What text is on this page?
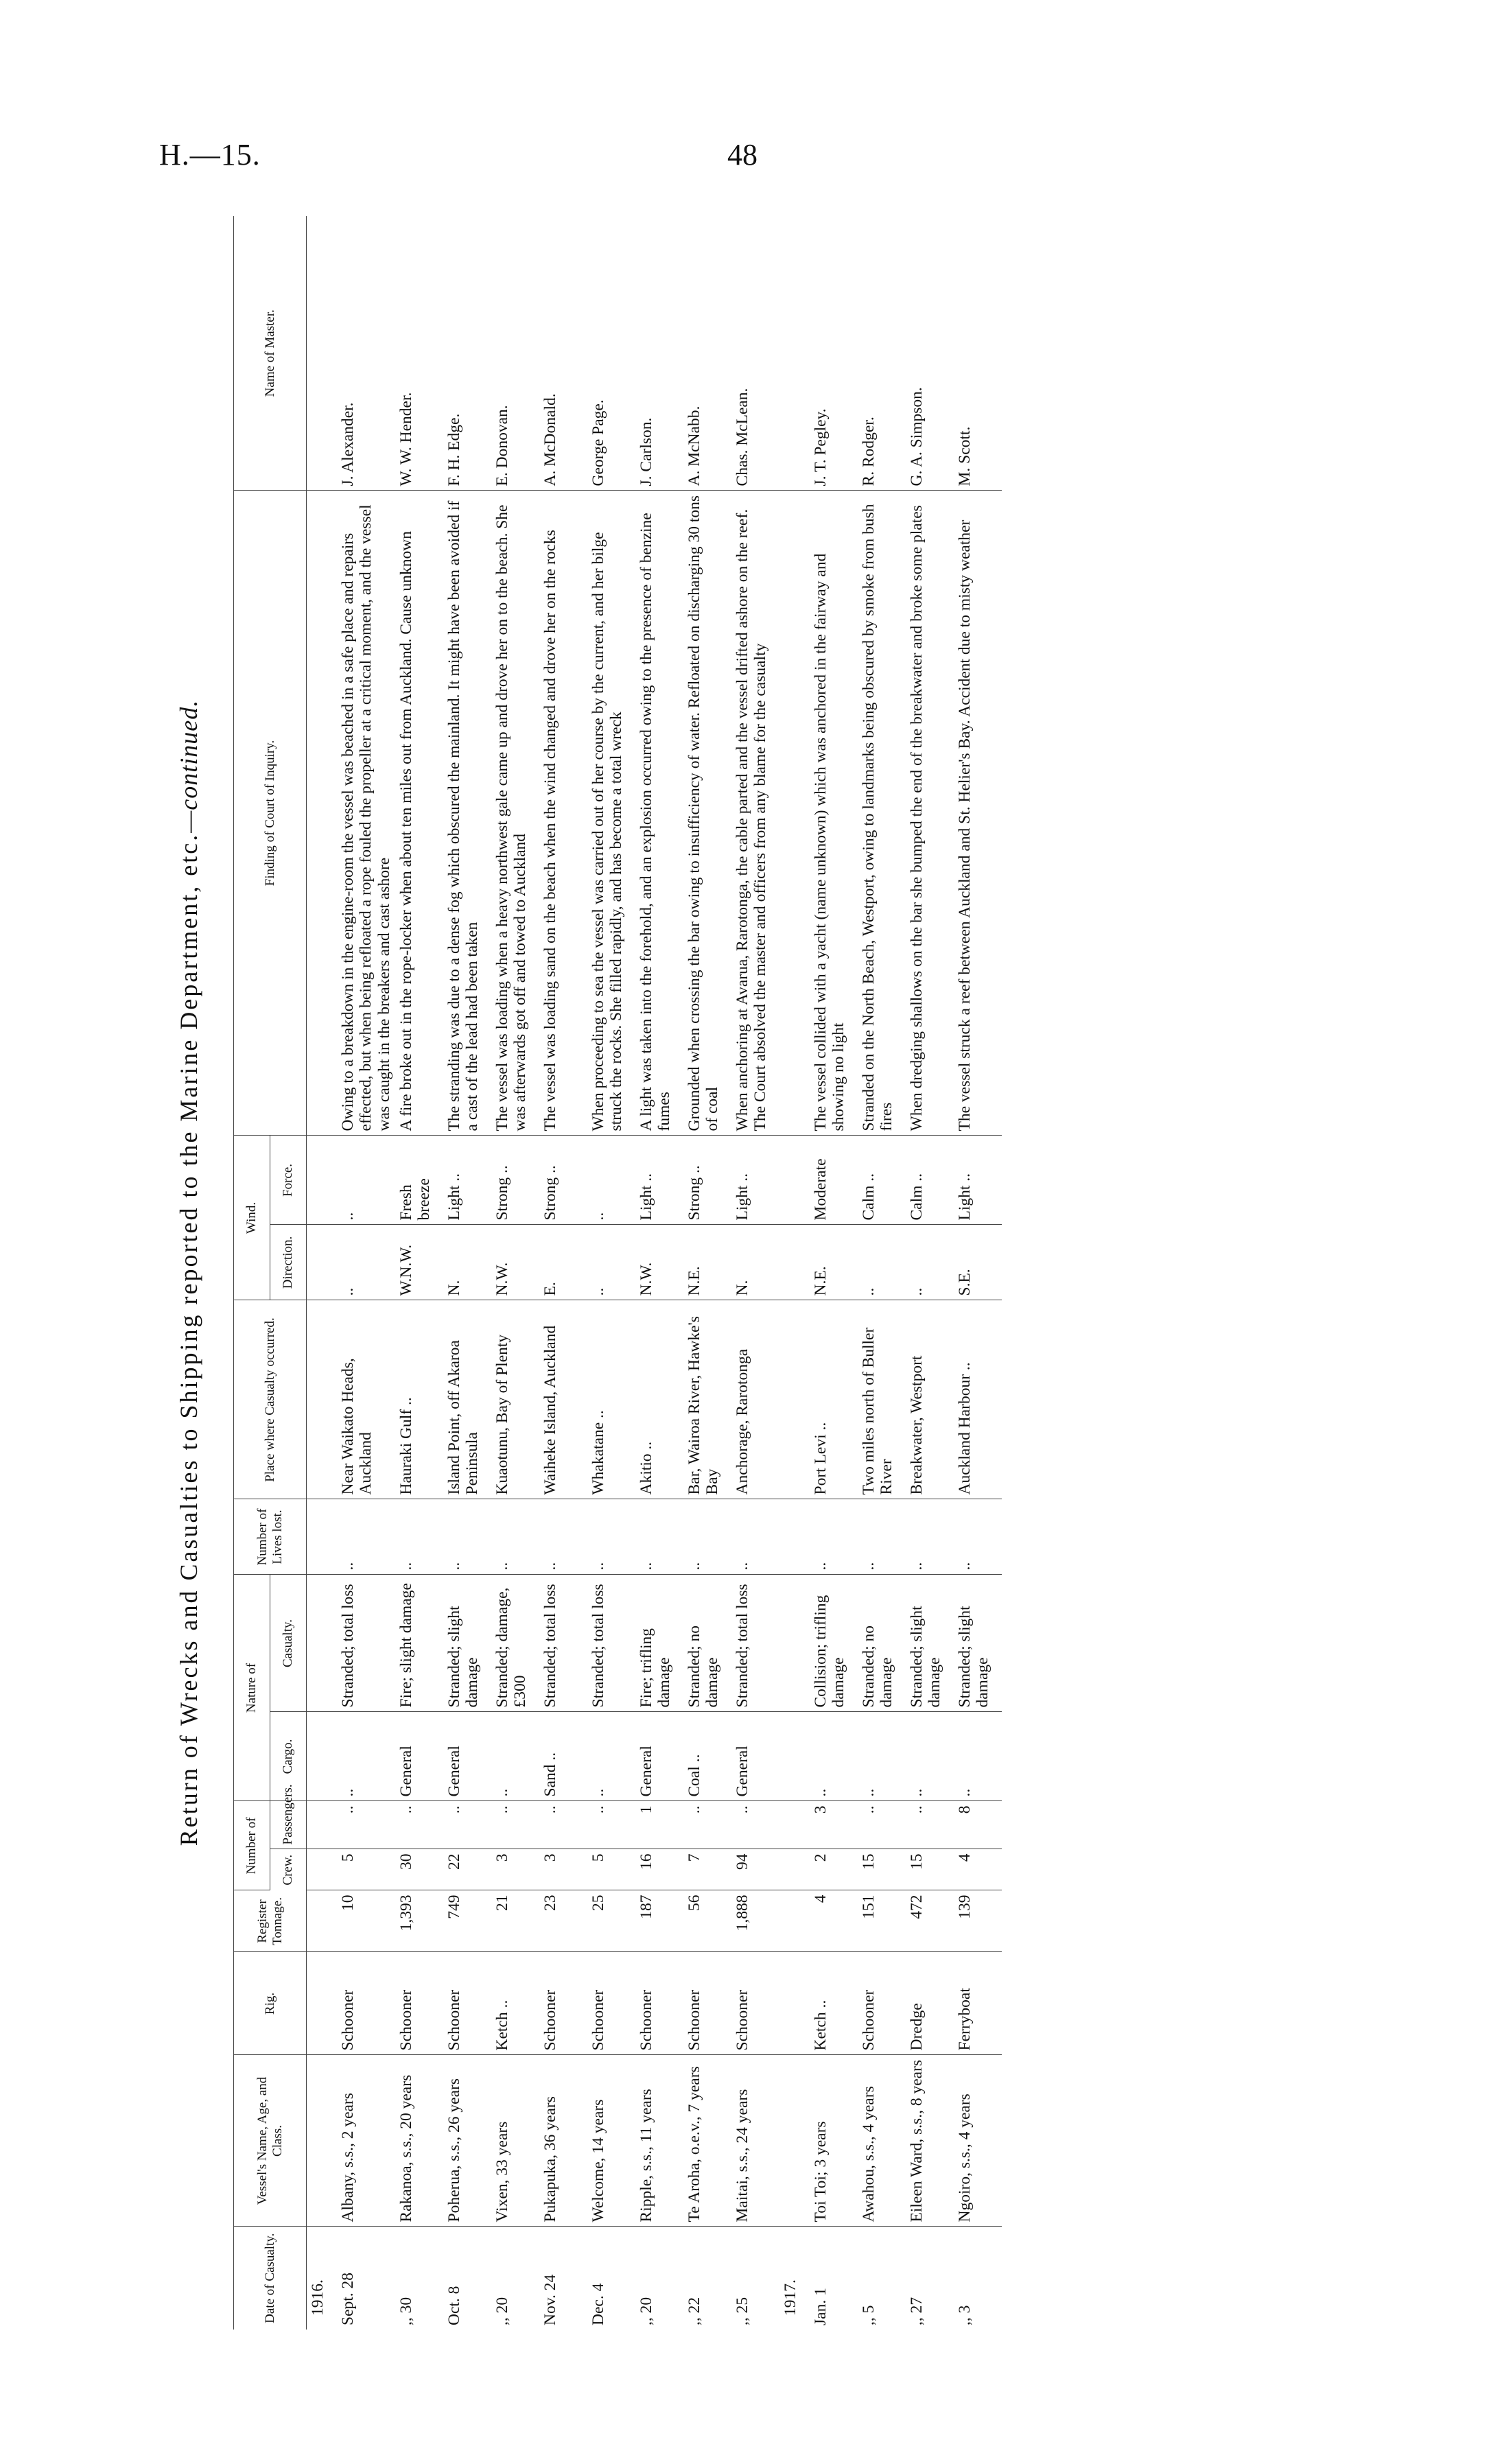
H.—15.	48
Return of Wrecks and Casualties to Shipping reported to the Marine Department, etc.—continued.
Date of Casualty.	Vessel's Name, Age, and Class.	Rig.	Register Tonnage.	Number of		Nature of		Number of Lives lost.	Place where Casualty occurred.	Wind.		Finding of Court of Inquiry.	Name of Master.
				Crew.	Passengers.	Cargo.	Casualty.			Direction.	Force.		
1916.													
Sept. 28	Albany, s.s., 2 years	Schooner	10	5	..	..	Stranded; total loss	..	Near Waikato Heads, Auckland	..	..	Owing to a breakdown in the engine-room the vessel was beached in a safe place and repairs effected, but when being refloated a rope fouled the propeller at a critical moment, and the vessel was caught in the breakers and cast ashore	J. Alexander.
,, 30	Rakanoa, s.s., 20 years	Schooner	1,393	30	..	General	Fire; slight damage	..	Hauraki Gulf ..	W.N.W.	Fresh breeze	A fire broke out in the rope-locker when about ten miles out from Auckland. Cause unknown	W. W. Hender.
Oct. 8	Poherua, s.s., 26 years	Schooner	749	22	..	General	Stranded; slight damage	..	Island Point, off Akaroa Peninsula	N.	Light ..	The stranding was due to a dense fog which obscured the mainland. It might have been avoided if a cast of the lead had been taken	F. H. Edge.
,, 20	Vixen, 33 years	Ketch ..	21	3	..	..	Stranded; damage, £300	..	Kuaotunu, Bay of Plenty	N.W.	Strong ..	The vessel was loading when a heavy northwest gale came up and drove her on to the beach. She was afterwards got off and towed to Auckland	E. Donovan.
Nov. 24	Pukapuka, 36 years	Schooner	23	3	..	Sand ..	Stranded; total loss	..	Waiheke Island, Auckland	E.	Strong ..	The vessel was loading sand on the beach when the wind changed and drove her on the rocks	A. McDonald.
Dec. 4	Welcome, 14 years	Schooner	25	5	..	..	Stranded; total loss	..	Whakatane ..	..	..	When proceeding to sea the vessel was carried out of her course by the current, and her bilge struck the rocks. She filled rapidly, and has become a total wreck	George Page.
,, 20	Ripple, s.s., 11 years	Schooner	187	16	1	General	Fire; trifling damage	..	Akitio ..	N.W.	Light ..	A light was taken into the forehold, and an explosion occurred owing to the presence of benzine fumes	J. Carlson.
,, 22	Te Aroha, o.e.v., 7 years	Schooner	56	7	..	Coal ..	Stranded; no damage	..	Bar, Wairoa River, Hawke's Bay	N.E.	Strong ..	Grounded when crossing the bar owing to insufficiency of water. Refloated on discharging 30 tons of coal	A. McNabb.
,, 25	Maitai, s.s., 24 years	Schooner	1,888	94	..	General	Stranded; total loss	..	Anchorage, Rarotonga	N.	Light ..	When anchoring at Avarua, Rarotonga, the cable parted and the vessel drifted ashore on the reef. The Court absolved the master and officers from any blame for the casualty	Chas. McLean.
1917.													
Jan. 1	Toi Toi; 3 years	Ketch ..	4	2	3	..	Collision; trifling damage	..	Port Levi ..	N.E.	Moderate	The vessel collided with a yacht (name unknown) which was anchored in the fairway and showing no light	J. T. Pegley.
,, 5	Awahou, s.s., 4 years	Schooner	151	15	..	..	Stranded; no damage	..	Two miles north of Buller River	..	Calm ..	Stranded on the North Beach, Westport, owing to landmarks being obscured by smoke from bush fires	R. Rodger.
,, 27	Eileen Ward, s.s., 8 years	Dredge	472	15	..	..	Stranded; slight damage	..	Breakwater, Westport	..	Calm ..	When dredging shallows on the bar she bumped the end of the breakwater and broke some plates	G. A. Simpson.
,, 3	Ngoiro, s.s., 4 years	Ferryboat	139	4	8	..	Stranded; slight damage	..	Auckland Harbour ..	S.E.	Light ..	The vessel struck a reef between Auckland and St. Helier's Bay. Accident due to misty weather	M. Scott.
